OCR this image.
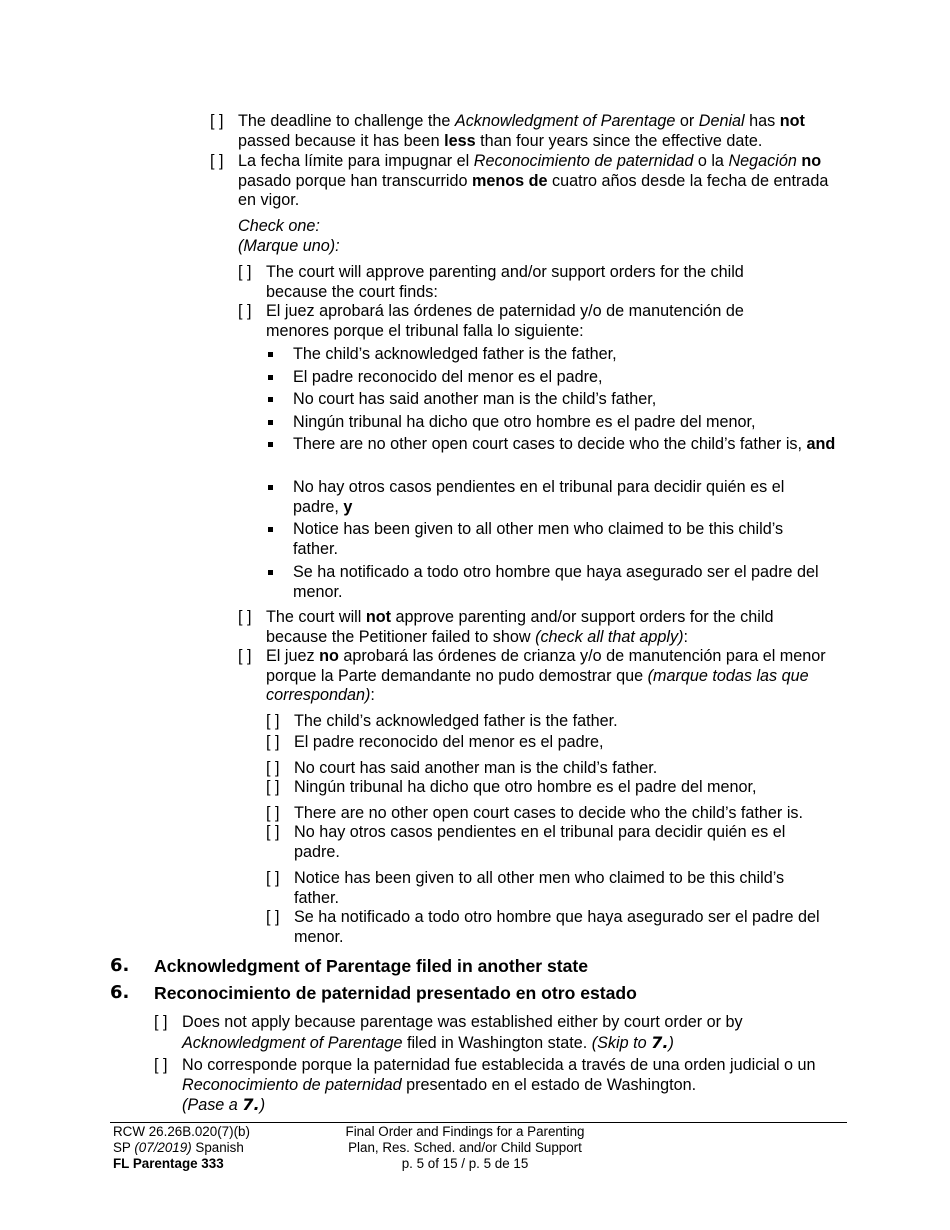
[ ] The deadline to challenge the Acknowledgment of Parentage or Denial has not passed because it has been less than four years since the effective date.
[ ] La fecha límite para impugnar el Reconocimiento de paternidad o la Negación no pasado porque han transcurrido menos de cuatro años desde la fecha de entrada en vigor.
Check one:
(Marque uno):
[ ] The court will approve parenting and/or support orders for the child because the court finds:
[ ] El juez aprobará las órdenes de paternidad y/o de manutención de menores porque el tribunal falla lo siguiente:
The child’s acknowledged father is the father,
El padre reconocido del menor es el padre,
No court has said another man is the child’s father,
Ningún tribunal ha dicho que otro hombre es el padre del menor,
There are no other open court cases to decide who the child’s father is, and
No hay otros casos pendientes en el tribunal para decidir quién es el padre, y
Notice has been given to all other men who claimed to be this child’s father.
Se ha notificado a todo otro hombre que haya asegurado ser el padre del menor.
[ ] The court will not approve parenting and/or support orders for the child because the Petitioner failed to show (check all that apply):
[ ] El juez no aprobará las órdenes de crianza y/o de manutención para el menor porque la Parte demandante no pudo demostrar que (marque todas las que correspondan):
[ ] The child’s acknowledged father is the father.
[ ] El padre reconocido del menor es el padre,
[ ] No court has said another man is the child’s father.
[ ] Ningún tribunal ha dicho que otro hombre es el padre del menor,
[ ] There are no other open court cases to decide who the child’s father is.
[ ] No hay otros casos pendientes en el tribunal para decidir quién es el padre.
[ ] Notice has been given to all other men who claimed to be this child’s father.
[ ] Se ha notificado a todo otro hombre que haya asegurado ser el padre del menor.
6.	Acknowledgment of Parentage filed in another state
6.	Reconocimiento de paternidad presentado en otro estado
[ ] Does not apply because parentage was established either by court order or by Acknowledgment of Parentage filed in Washington state. (Skip to 7.)
[ ] No corresponde porque la paternidad fue establecida a través de una orden judicial o un Reconocimiento de paternidad presentado en el estado de Washington.
(Pase a 7.)
RCW 26.26B.020(7)(b)
SP (07/2019) Spanish
FL Parentage 333
Final Order and Findings for a Parenting
Plan, Res. Sched. and/or Child Support
p. 5 of 15 / p. 5 de 15
